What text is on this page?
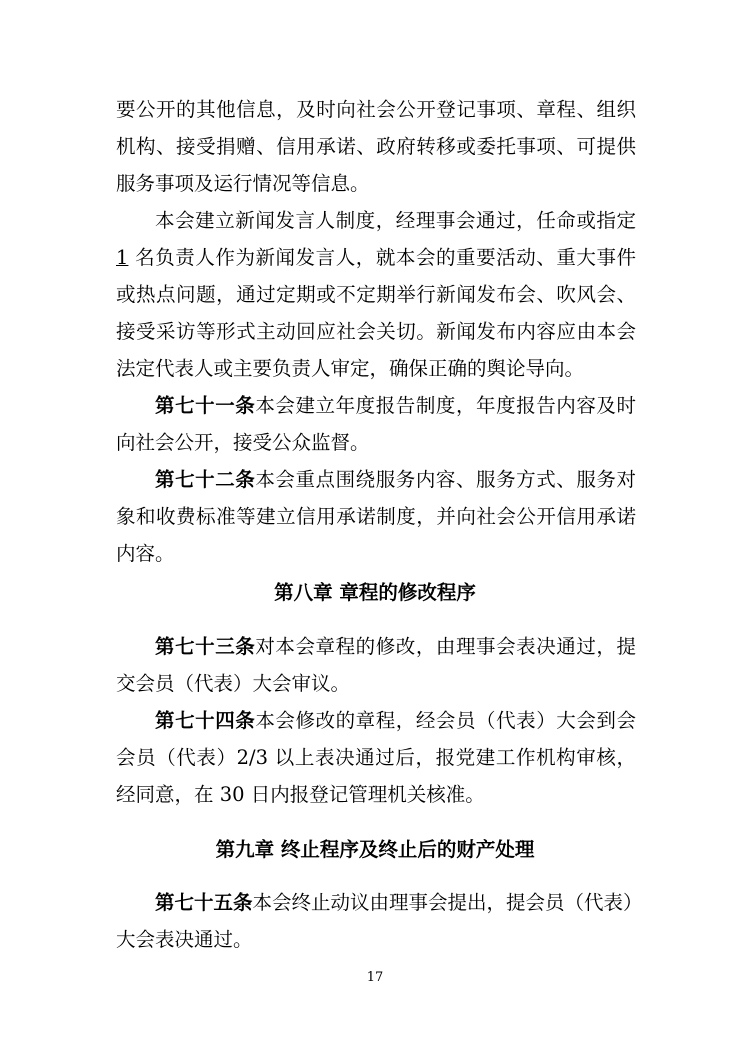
要公开的其他信息，及时向社会公开登记事项、章程、组织
机构、接受捐赠、信用承诺、政府转移或委托事项、可提供
服务事项及运行情况等信息。
本会建立新闻发言人制度，经理事会通过，任命或指定
1 名负责人作为新闻发言人，就本会的重要活动、重大事件
或热点问题，通过定期或不定期举行新闻发布会、吹风会、
接受采访等形式主动回应社会关切。新闻发布内容应由本会
法定代表人或主要负责人审定，确保正确的舆论导向。
第七十一条本会建立年度报告制度，年度报告内容及时
向社会公开，接受公众监督。
第七十二条本会重点围绕服务内容、服务方式、服务对
象和收费标准等建立信用承诺制度，并向社会公开信用承诺
内容。
第八章 章程的修改程序
第七十三条对本会章程的修改，由理事会表决通过，提
交会员（代表）大会审议。
第七十四条本会修改的章程，经会员（代表）大会到会
会员（代表）2/3 以上表决通过后，报党建工作机构审核，
经同意，在 30 日内报登记管理机关核准。
第九章 终止程序及终止后的财产处理
第七十五条本会终止动议由理事会提出，提会员（代表）
大会表决通过。
17
